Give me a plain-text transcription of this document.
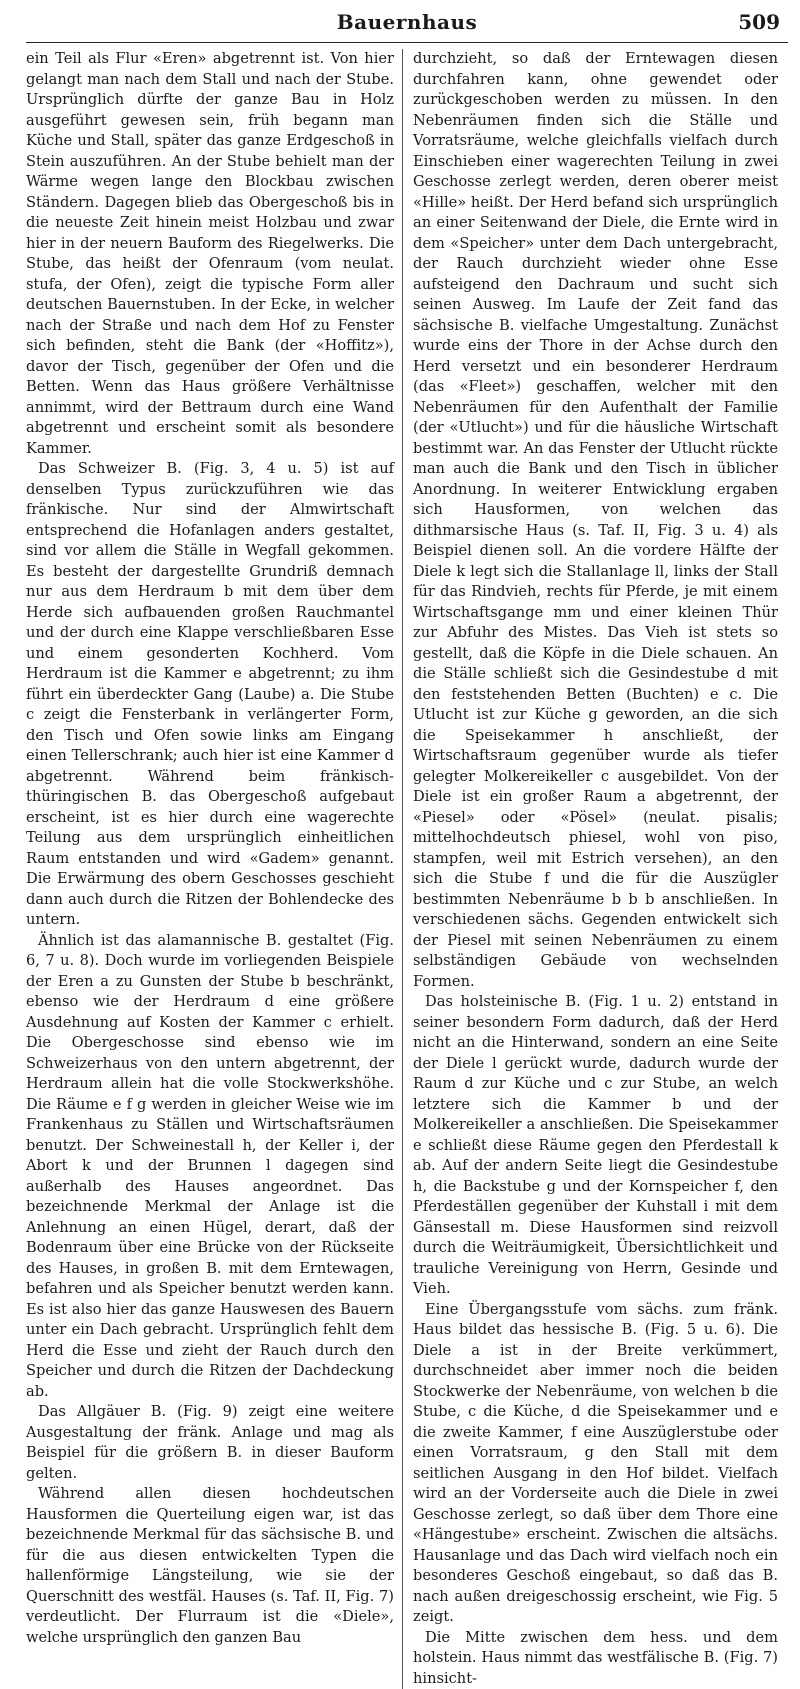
Bauernhaus	509

ein Teil als Flur «Eren» abgetrennt ist. Von hier gelangt man nach dem Stall und nach der Stube. Ursprünglich dürfte der ganze Bau in Holz ausgeführt gewesen sein, früh begann man Küche und Stall, später das ganze Erdgeschoß in Stein auszuführen. An der Stube behielt man der Wärme wegen lange den Blockbau zwischen Ständern. Dagegen blieb das Obergeschoß bis in die neueste Zeit hinein meist Holzbau und zwar hier in der neuern Bauform des Riegelwerks. Die Stube, das heißt der Ofenraum (vom neulat. stufa, der Ofen), zeigt die typische Form aller deutschen Bauernstuben. In der Ecke, in welcher nach der Straße und nach dem Hof zu Fenster sich befinden, steht die Bank (der «Hoffitz»), davor der Tisch, gegenüber der Ofen und die Betten. Wenn das Haus größere Verhältnisse annimmt, wird der Bettraum durch eine Wand abgetrennt und erscheint somit als besondere Kammer.

Das Schweizer B. (Fig. 3, 4 u. 5) ist auf denselben Typus zurückzuführen wie das fränkische. Nur sind der Almwirtschaft entsprechend die Hofanlagen anders gestaltet, sind vor allem die Ställe in Wegfall gekommen. Es besteht der dargestellte Grundriß demnach nur aus dem Herdraum b mit dem über dem Herde sich aufbauenden großen Rauchmantel und der durch eine Klappe verschließbaren Esse und einem gesonderten Kochherd. Vom Herdraum ist die Kammer e abgetrennt; zu ihm führt ein überdeckter Gang (Laube) a. Die Stube c zeigt die Fensterbank in verlängerter Form, den Tisch und Ofen sowie links am Eingang einen Tellerschrank; auch hier ist eine Kammer d abgetrennt. Während beim fränkisch-thüringischen B. das Obergeschoß aufgebaut erscheint, ist es hier durch eine wagerechte Teilung aus dem ursprünglich einheitlichen Raum entstanden und wird «Gadem» genannt. Die Erwärmung des obern Geschosses geschieht dann auch durch die Ritzen der Bohlendecke des untern.

Ähnlich ist das alamannische B. gestaltet (Fig. 6, 7 u. 8). Doch wurde im vorliegenden Beispiele der Eren a zu Gunsten der Stube b beschränkt, ebenso wie der Herdraum d eine größere Ausdehnung auf Kosten der Kammer c erhielt. Die Obergeschosse sind ebenso wie im Schweizerhaus von den untern abgetrennt, der Herdraum allein hat die volle Stockwerkshöhe. Die Räume e f g werden in gleicher Weise wie im Frankenhaus zu Ställen und Wirtschaftsräumen benutzt. Der Schweinestall h, der Keller i, der Abort k und der Brunnen l dagegen sind außerhalb des Hauses angeordnet. Das bezeichnende Merkmal der Anlage ist die Anlehnung an einen Hügel, derart, daß der Bodenraum über eine Brücke von der Rückseite des Hauses, in großen B. mit dem Erntewagen, befahren und als Speicher benutzt werden kann. Es ist also hier das ganze Hauswesen des Bauern unter ein Dach gebracht. Ursprünglich fehlt dem Herd die Esse und zieht der Rauch durch den Speicher und durch die Ritzen der Dachdeckung ab.

Das Allgäuer B. (Fig. 9) zeigt eine weitere Ausgestaltung der fränk. Anlage und mag als Beispiel für die größern B. in dieser Bauform gelten.

Während allen diesen hochdeutschen Hausformen die Querteilung eigen war, ist das bezeichnende Merkmal für das sächsische B. und für die aus diesen entwickelten Typen die hallenförmige Längsteilung, wie sie der Querschnitt des westfäl. Hauses (s. Taf. II, Fig. 7) verdeutlicht. Der Flurraum ist die «Diele», welche ursprünglich den ganzen Bau

durchzieht, so daß der Erntewagen diesen durchfahren kann, ohne gewendet oder zurückgeschoben werden zu müssen. In den Nebenräumen finden sich die Ställe und Vorratsräume, welche gleichfalls vielfach durch Einschieben einer wagerechten Teilung in zwei Geschosse zerlegt werden, deren oberer meist «Hille» heißt. Der Herd befand sich ursprünglich an einer Seitenwand der Diele, die Ernte wird in dem «Speicher» unter dem Dach untergebracht, der Rauch durchzieht wieder ohne Esse aufsteigend den Dachraum und sucht sich seinen Ausweg. Im Laufe der Zeit fand das sächsische B. vielfache Umgestaltung. Zunächst wurde eins der Thore in der Achse durch den Herd versetzt und ein besonderer Herdraum (das «Fleet») geschaffen, welcher mit den Nebenräumen für den Aufenthalt der Familie (der «Utlucht») und für die häusliche Wirtschaft bestimmt war. An das Fenster der Utlucht rückte man auch die Bank und den Tisch in üblicher Anordnung. In weiterer Entwicklung ergaben sich Hausformen, von welchen das dithmarsische Haus (s. Taf. II, Fig. 3 u. 4) als Beispiel dienen soll. An die vordere Hälfte der Diele k legt sich die Stallanlage ll, links der Stall für das Rindvieh, rechts für Pferde, je mit einem Wirtschaftsgange mm und einer kleinen Thür zur Abfuhr des Mistes. Das Vieh ist stets so gestellt, daß die Köpfe in die Diele schauen. An die Ställe schließt sich die Gesindestube d mit den feststehenden Betten (Buchten) e c. Die Utlucht ist zur Küche g geworden, an die sich die Speisekammer h anschließt, der Wirtschaftsraum gegenüber wurde als tiefer gelegter Molkereikeller c ausgebildet. Von der Diele ist ein großer Raum a abgetrennt, der «Piesel» oder «Pösel» (neulat. pisalis; mittelhochdeutsch phiesel, wohl von piso, stampfen, weil mit Estrich versehen), an den sich die Stube f und die für die Auszügler bestimmten Nebenräume b b b anschließen. In verschiedenen sächs. Gegenden entwickelt sich der Piesel mit seinen Nebenräumen zu einem selbständigen Gebäude von wechselnden Formen.

Das holsteinische B. (Fig. 1 u. 2) entstand in seiner besondern Form dadurch, daß der Herd nicht an die Hinterwand, sondern an eine Seite der Diele l gerückt wurde, dadurch wurde der Raum d zur Küche und c zur Stube, an welch letztere sich die Kammer b und der Molkereikeller a anschließen. Die Speisekammer e schließt diese Räume gegen den Pferdestall k ab. Auf der andern Seite liegt die Gesindestube h, die Backstube g und der Kornspeicher f, den Pferdeställen gegenüber der Kuhstall i mit dem Gänsestall m. Diese Hausformen sind reizvoll durch die Weiträumigkeit, Übersichtlichkeit und trauliche Vereinigung von Herrn, Gesinde und Vieh.

Eine Übergangsstufe vom sächs. zum fränk. Haus bildet das hessische B. (Fig. 5 u. 6). Die Diele a ist in der Breite verkümmert, durchschneidet aber immer noch die beiden Stockwerke der Nebenräume, von welchen b die Stube, c die Küche, d die Speisekammer und e die zweite Kammer, f eine Auszüglerstube oder einen Vorratsraum, g den Stall mit dem seitlichen Ausgang in den Hof bildet. Vielfach wird an der Vorderseite auch die Diele in zwei Geschosse zerlegt, so daß über dem Thore eine «Hängestube» erscheint. Zwischen die altsächs. Hausanlage und das Dach wird vielfach noch ein besonderes Geschoß eingebaut, so daß das B. nach außen dreigeschossig erscheint, wie Fig. 5 zeigt.

Die Mitte zwischen dem hess. und dem holstein. Haus nimmt das westfälische B. (Fig. 7) hinsicht-
